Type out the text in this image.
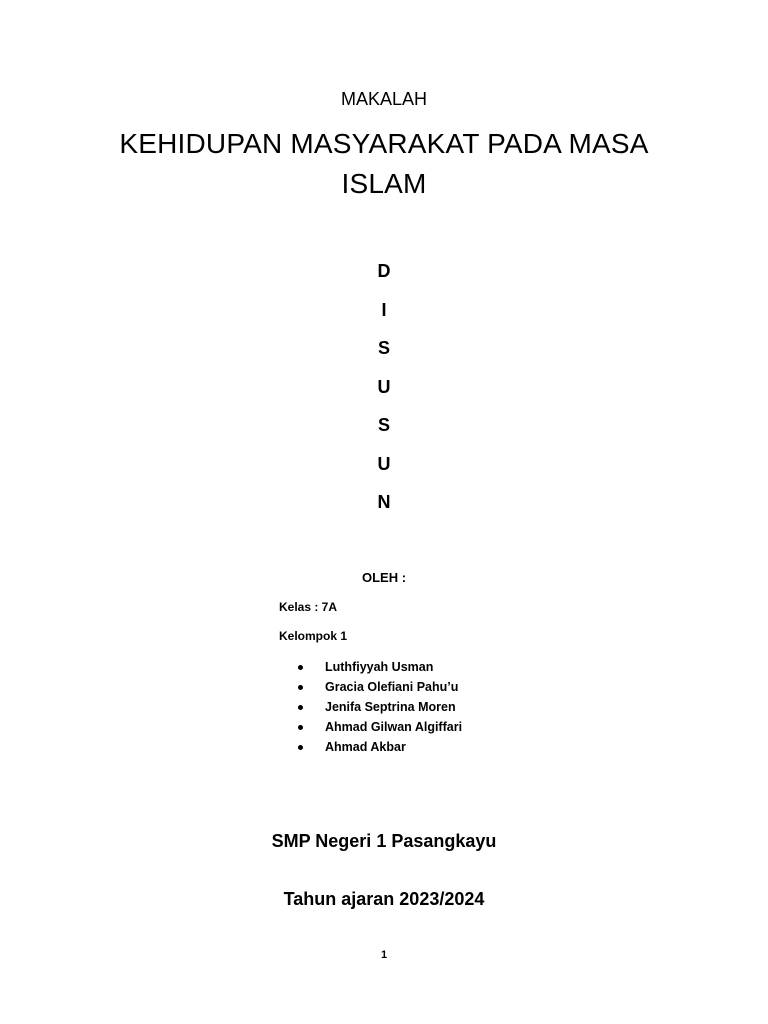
MAKALAH
KEHIDUPAN MASYARAKAT PADA MASA
ISLAM
D
I
S
U
S
U
N
OLEH :
Kelas : 7A
Kelompok 1
Luthfiyyah Usman
Gracia Olefiani Pahu’u
Jenifa Septrina Moren
Ahmad Gilwan Algiffari
Ahmad Akbar
SMP Negeri 1 Pasangkayu
Tahun ajaran 2023/2024
1
